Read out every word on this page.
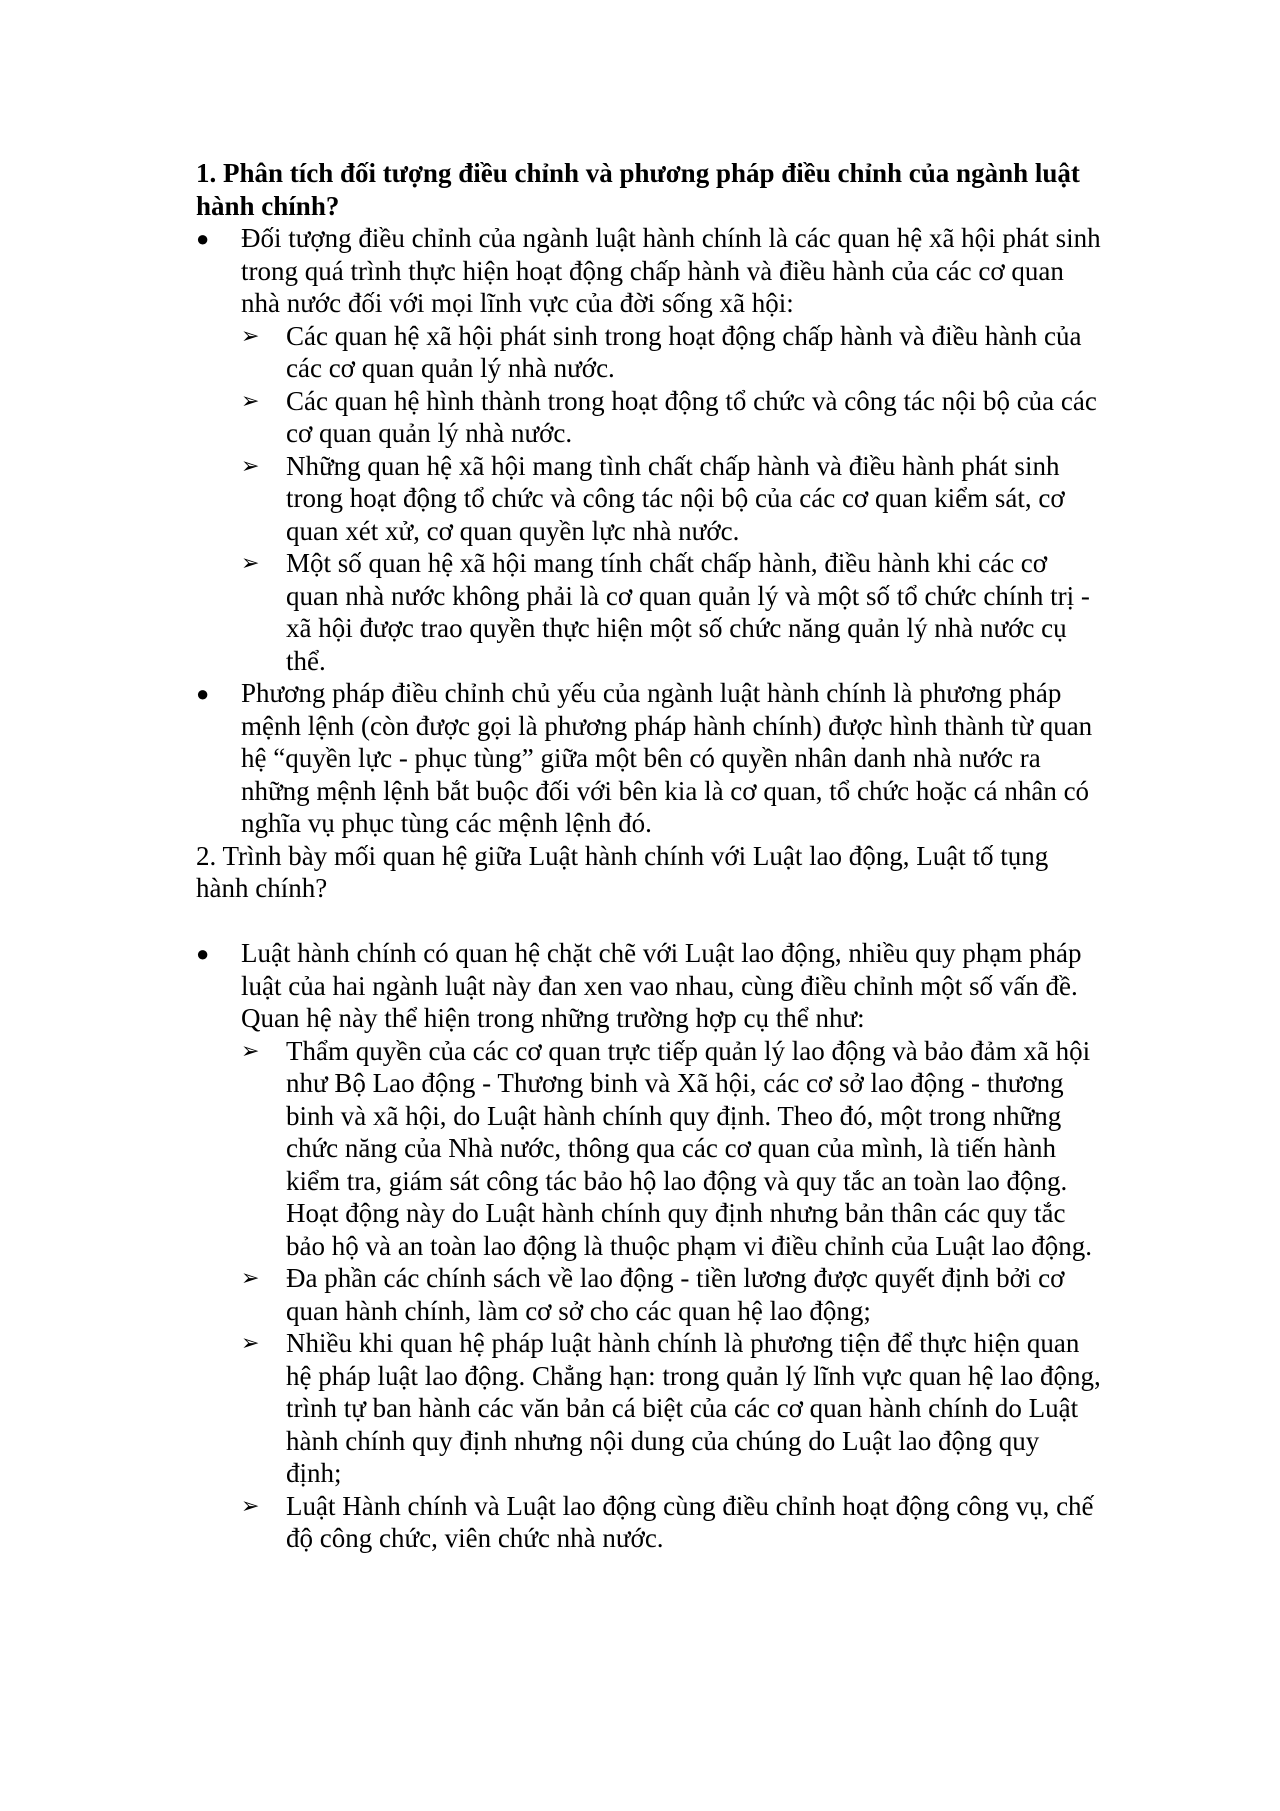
1. Phân tích đối tượng điều chỉnh và phương pháp điều chỉnh của ngành luật hành chính?

● Đối tượng điều chỉnh của ngành luật hành chính là các quan hệ xã hội phát sinh trong quá trình thực hiện hoạt động chấp hành và điều hành của các cơ quan nhà nước đối với mọi lĩnh vực của đời sống xã hội:
➢ Các quan hệ xã hội phát sinh trong hoạt động chấp hành và điều hành của các cơ quan quản lý nhà nước.
➢ Các quan hệ hình thành trong hoạt động tổ chức và công tác nội bộ của các cơ quan quản lý nhà nước.
➢ Những quan hệ xã hội mang tình chất chấp hành và điều hành phát sinh trong hoạt động tổ chức và công tác nội bộ của các cơ quan kiểm sát, cơ quan xét xử, cơ quan quyền lực nhà nước.
➢ Một số quan hệ xã hội mang tính chất chấp hành, điều hành khi các cơ quan nhà nước không phải là cơ quan quản lý và một số tổ chức chính trị - xã hội được trao quyền thực hiện một số chức năng quản lý nhà nước cụ thể.
● Phương pháp điều chỉnh chủ yếu của ngành luật hành chính là phương pháp mệnh lệnh (còn được gọi là phương pháp hành chính) được hình thành từ quan hệ “quyền lực - phục tùng” giữa một bên có quyền nhân danh nhà nước ra những mệnh lệnh bắt buộc đối với bên kia là cơ quan, tổ chức hoặc cá nhân có nghĩa vụ phục tùng các mệnh lệnh đó.

2. Trình bày mối quan hệ giữa Luật hành chính với Luật lao động, Luật tố tụng hành chính?

● Luật hành chính có quan hệ chặt chẽ với Luật lao động, nhiều quy phạm pháp luật của hai ngành luật này đan xen vao nhau, cùng điều chỉnh một số vấn đề. Quan hệ này thể hiện trong những trường hợp cụ thể như:
➢ Thẩm quyền của các cơ quan trực tiếp quản lý lao động và bảo đảm xã hội như Bộ Lao động - Thương binh và Xã hội, các cơ sở lao động - thương binh và xã hội, do Luật hành chính quy định. Theo đó, một trong những chức năng của Nhà nước, thông qua các cơ quan của mình, là tiến hành kiểm tra, giám sát công tác bảo hộ lao động và quy tắc an toàn lao động. Hoạt động này do Luật hành chính quy định nhưng bản thân các quy tắc bảo hộ và an toàn lao động là thuộc phạm vi điều chỉnh của Luật lao động.
➢ Đa phần các chính sách về lao động - tiền lương được quyết định bởi cơ quan hành chính, làm cơ sở cho các quan hệ lao động;
➢ Nhiều khi quan hệ pháp luật hành chính là phương tiện để thực hiện quan hệ pháp luật lao động. Chẳng hạn: trong quản lý lĩnh vực quan hệ lao động, trình tự ban hành các văn bản cá biệt của các cơ quan hành chính do Luật hành chính quy định nhưng nội dung của chúng do Luật lao động quy định;
➢ Luật Hành chính và Luật lao động cùng điều chỉnh hoạt động công vụ, chế độ công chức, viên chức nhà nước.
